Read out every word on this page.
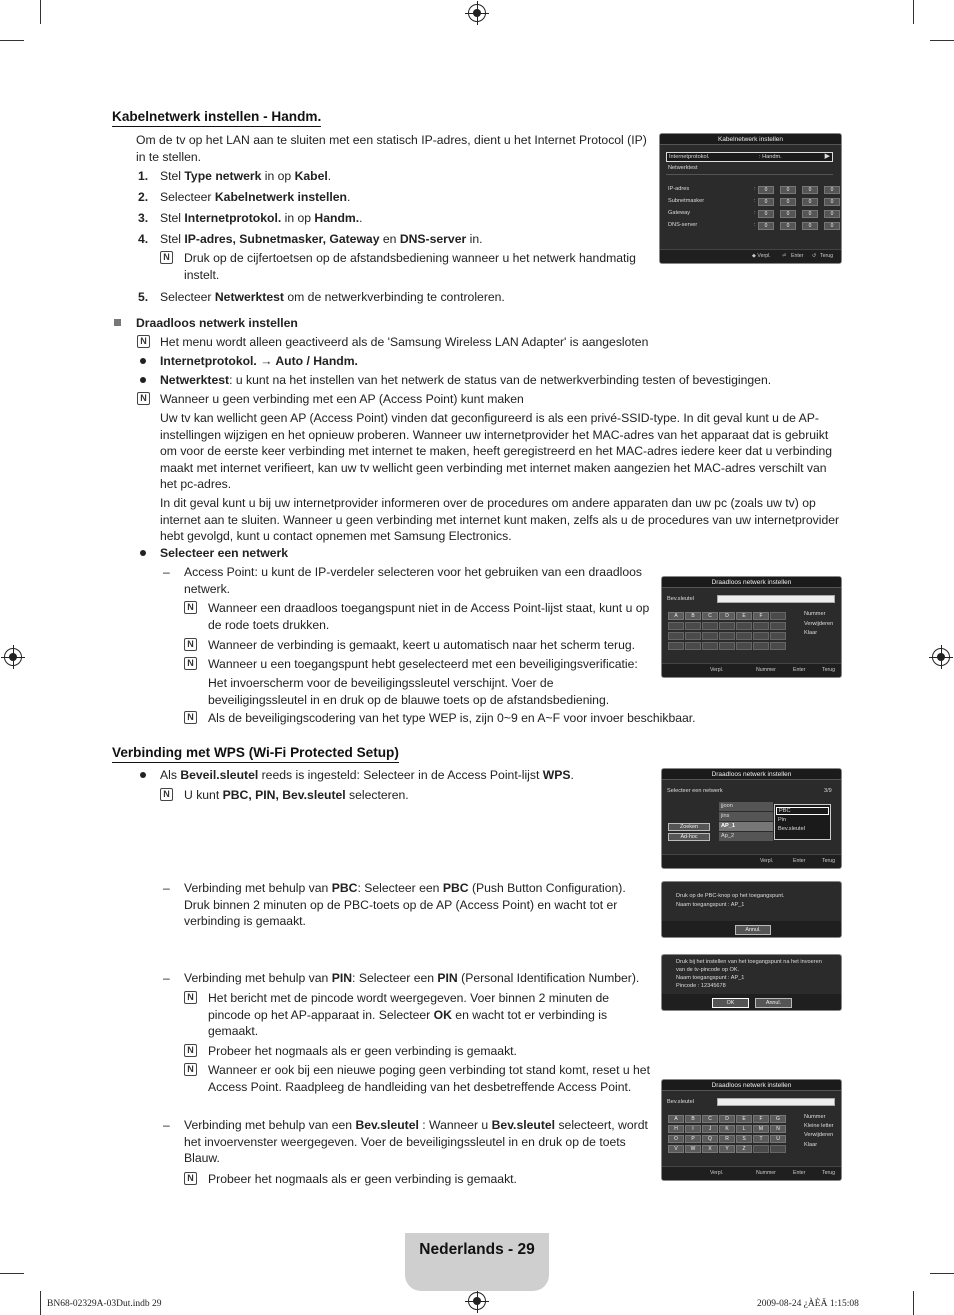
Kabelnetwerk instellen - Handm.
Om de tv op het LAN aan te sluiten met een statisch IP-adres, dient u het Internet Protocol (IP) in te stellen.
1. Stel Type netwerk in op Kabel.
2. Selecteer Kabelnetwerk instellen.
3. Stel Internetprotokol. in op Handm..
4. Stel IP-adres, Subnetmasker, Gateway en DNS-server in.
N Druk op de cijfertoetsen op de afstandsbediening wanneer u het netwerk handmatig instelt.
5. Selecteer Netwerktest om de netwerkverbinding te controleren.
Kabelnetwerk instellen
Internetprotokol.	: Handm.	▶
Netwerktest
IP-adres	:	0	0	0	0
Subnetmasker	:	0	0	0	0
Gateway	:	0	0	0	0
DNS-server	:	0	0	0	0
◆ Verpl. ⏎ Enter ↺ Terug
Draadloos netwerk instellen
N Het menu wordt alleen geactiveerd als de 'Samsung Wireless LAN Adapter' is aangesloten
Internetprotokol. → Auto / Handm.
Netwerktest: u kunt na het instellen van het netwerk de status van de netwerkverbinding testen of bevestigingen.
N Wanneer u geen verbinding met een AP (Access Point) kunt maken
Uw tv kan wellicht geen AP (Access Point) vinden dat geconfigureerd is als een privé-SSID-type. In dit geval kunt u de AP-instellingen wijzigen en het opnieuw proberen. Wanneer uw internetprovider het MAC-adres van het apparaat dat is gebruikt om voor de eerste keer verbinding met internet te maken, heeft geregistreerd en het MAC-adres iedere keer dat u verbinding maakt met internet verifieert, kan uw tv wellicht geen verbinding met internet maken aangezien het MAC-adres verschilt van het pc-adres.
In dit geval kunt u bij uw internetprovider informeren over de procedures om andere apparaten dan uw pc (zoals uw tv) op internet aan te sluiten. Wanneer u geen verbinding met internet kunt maken, zelfs als u de procedures van uw internetprovider hebt gevolgd, kunt u contact opnemen met Samsung Electronics.
Selecteer een netwerk
– Access Point: u kunt de IP-verdeler selecteren voor het gebruiken van een draadloos netwerk.
N Wanneer een draadloos toegangspunt niet in de Access Point-lijst staat, kunt u op de rode toets drukken.
N Wanneer de verbinding is gemaakt, keert u automatisch naar het scherm terug.
N Wanneer u een toegangspunt hebt geselecteerd met een beveiligingsverificatie:
Het invoerscherm voor de beveiligingssleutel verschijnt. Voer de beveiligingssleutel in en druk op de blauwe toets op de afstandsbediening.
N Als de beveiligingscodering van het type WEP is, zijn 0~9 en A~F voor invoer beschikbaar.
Draadloos netwerk instellen
Bev.sleutel
A	B	C	D	E	F	Nummer
Verwijderen
Klaar
Verpl.	Nummer	Enter	Terug
Verbinding met WPS (Wi-Fi Protected Setup)
Als Beveil.sleutel reeds is ingesteld: Selecteer in de Access Point-lijst WPS.
N U kunt PBC, PIN, Bev.sleutel selecteren.
– Verbinding met behulp van PBC: Selecteer een PBC (Push Button Configuration). Druk binnen 2 minuten op de PBC-toets op de AP (Access Point) en wacht tot er verbinding is gemaakt.
– Verbinding met behulp van PIN: Selecteer een PIN (Personal Identification Number).
N Het bericht met de pincode wordt weergegeven. Voer binnen 2 minuten de pincode op het AP-apparaat in. Selecteer OK en wacht tot er verbinding is gemaakt.
N Probeer het nogmaals als er geen verbinding is gemaakt.
N Wanneer er ook bij een nieuwe poging geen verbinding tot stand komt, reset u het Access Point. Raadpleeg de handleiding van het desbetreffende Access Point.
– Verbinding met behulp van een Bev.sleutel : Wanneer u Bev.sleutel selecteert, wordt het invoervenster weergegeven. Voer de beveiligingssleutel in en druk op de toets Blauw.
N Probeer het nogmaals als er geen verbinding is gemaakt.
Draadloos netwerk instellen
Selecteer een netwerk	3/9
jjoon
jins
AP_1
Ap_2
Zoeken
Ad-hoc
PBC
Pin
Bev.sleutel
Verpl.	Enter	Terug
Druk op de PBC-knop op het toegangspunt.
Naam toegangspunt : AP_1
Annul.
Druk bij het instellen van het toegangspunt na het invoeren
van de tv-pincode op OK.
Naam toegangspunt : AP_1
Pincode : 12345678
OK	Annul.
Draadloos netwerk instellen
Bev.sleutel
A	B	C	D	E	F	G
H	I	J	K	L	M	N
O	P	Q	R	S	T	U
V	W	X	Y	Z
Nummer
Kleine letter
Verwijderen
Klaar
Verpl.	Nummer	Enter	Terug
Nederlands - 29
BN68-02329A-03Dut.indb 29	2009-08-24 ¿ÀÈÄ 1:15:08
